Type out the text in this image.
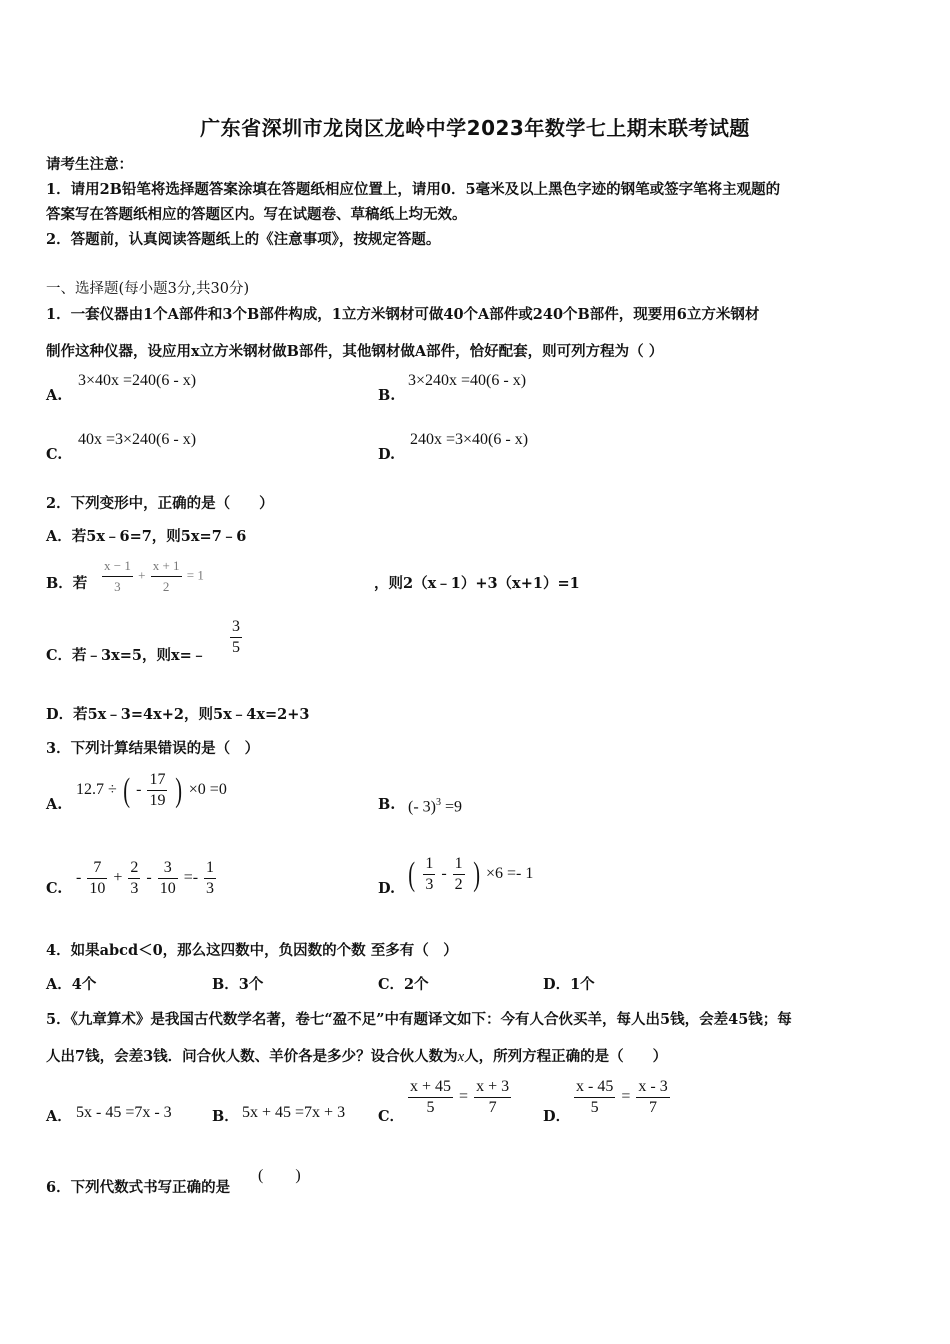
广东省深圳市龙岗区龙岭中学2023年数学七上期末联考试题
请考生注意：
1．请用2B铅笔将选择题答案涂填在答题纸相应位置上，请用0．5毫米及以上黑色字迹的钢笔或签字笔将主观题的
答案写在答题纸相应的答题区内。写在试题卷、草稿纸上均无效。
2．答题前，认真阅读答题纸上的《注意事项》，按规定答题。
一、选择题(每小题3分,共30分)
1．一套仪器由1个A部件和3个B部件构成，1立方米钢材可做40个A部件或240个B部件，现要用6立方米钢材
制作这种仪器，设应用x立方米钢材做B部件，其他钢材做A部件，恰好配套，则可列方程为（ ）
A.
3×40x =240(6 - x)
B.
3×240x =40(6 - x)
C.
40x =3×240(6 - x)
D.
240x =3×40(6 - x)
2．下列变形中，正确的是（　　）
A．若5x﹣6=7，则5x=7﹣6
B．若 $\frac{x - 1}{3} + \frac{x + 1}{2} = 1$
，则2（x﹣1）+3（x+1）=1
C．若﹣3x=5，则x=﹣ $\frac{3}{5}$
D．若5x﹣3=4x+2，则5x﹣4x=2+3
3．下列计算结果错误的是（　）
A.
12.7 ÷ ( - $\frac{17}{19}$ ) ×0 =0
B. (- 3)$^3$ =9
C.
- $\frac{7}{10} + \frac{2}{3} - \frac{3}{10} =- \frac{1}{3}$	D. ( $\frac{1}{3} - \frac{1}{2}$ ) ×6 =- 1
4．如果abcd＜0，那么这四数中，负因数的个数 至多有（　）
A．4个	B．3个	C．2个	D．1个
5．《九章算术》是我国古代数学名著，卷七“盈不足”中有题译文如下：今有人合伙买羊，每人出5钱，会差45钱；每
人出7钱，会差3钱．问合伙人数、羊价各是多少？设合伙人数为x人，所列方程正确的是（　　）
A． 5x - 45 =7x - 3	B． 5x + 45 =7x + 3 C． $\frac{x + 45}{5} = \frac{x + 3}{7}$ D． $\frac{x - 45}{5} = \frac{x - 3}{7}$
6．下列代数式书写正确的是
(　　)
